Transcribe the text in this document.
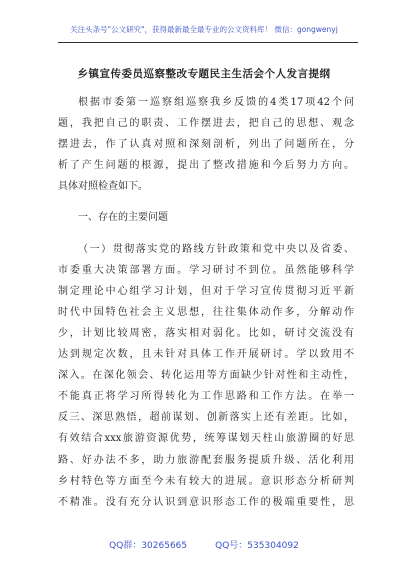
关注头条号"公文研究"，获得最新最全最专业的公文资料库！ 微信：gongwenyj
乡镇宣传委员巡察整改专题民主生活会个人发言提纲
根据市委第一巡察组巡察我乡反馈的4类17项42个问
题，我把自己的职责、工作摆进去，把自己的思想、观念
摆进去，作了认真对照和深刻剖析，列出了问题所在，分
析了产生问题的根源，提出了整改措施和今后努力方向。
具体对照检查如下。
一、存在的主要问题
（一）贯彻落实党的路线方针政策和党中央以及省委、
市委重大决策部署方面。学习研讨不到位。虽然能够科学
制定理论中心组学习计划，但对于学习宣传贯彻习近平新
时代中国特色社会主义思想，往往集体动作多，分解动作
少，计划比较周密，落实相对弱化。比如，研讨交流没有
达到规定次数，且未针对具体工作开展研讨。学以致用不
深入。在深化领会、转化运用等方面缺少针对性和主动性，
不能真正将学习所得转化为工作思路和工作方法。在举一
反三、深思熟悟，超前谋划、创新落实上还有差距。比如，
有效结合xxx旅游资源优势，统筹谋划天柱山旅游圈的好思
路、好办法不多，助力旅游配套服务提质升级、活化利用
乡村特色等方面至今未有较大的进展。意识形态分析研判
不精准。没有充分认识到意识形态工作的极端重要性，思
QQ群：30265665	QQ号：535304092
